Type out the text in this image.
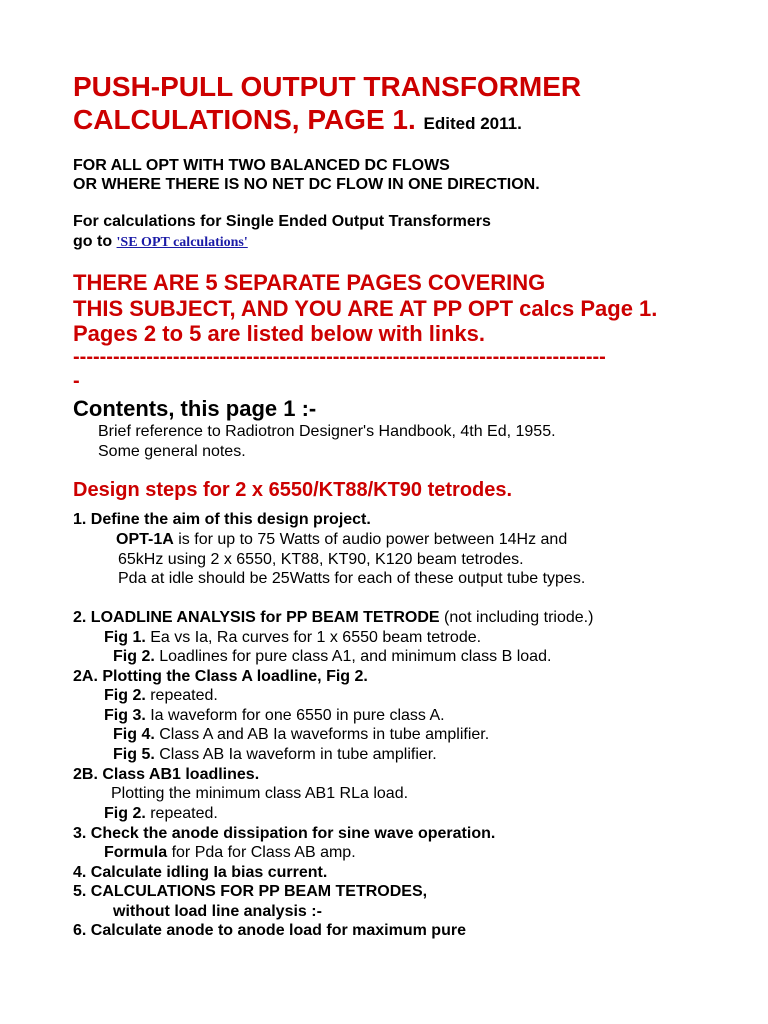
PUSH-PULL OUTPUT TRANSFORMER
CALCULATIONS, PAGE 1. Edited 2011.
FOR ALL OPT WITH TWO BALANCED DC FLOWS
OR WHERE THERE IS NO NET DC FLOW IN ONE DIRECTION.
For calculations for Single Ended Output Transformers
go to 'SE OPT calculations'
THERE ARE 5 SEPARATE PAGES COVERING
THIS SUBJECT, AND YOU ARE AT PP OPT calcs Page 1.
Pages 2 to 5 are listed below with links.
--------------------------------------------------------------------------------
-
Contents, this page 1 :-
Brief reference to Radiotron Designer's Handbook, 4th Ed, 1955.
Some general notes.
Design steps for 2 x 6550/KT88/KT90 tetrodes.
1. Define the aim of this design project.
OPT-1A is for up to 75 Watts of audio power between 14Hz and
65kHz using 2 x 6550, KT88, KT90, K120 beam tetrodes.
Pda at idle should be 25Watts for each of these output tube types.
2. LOADLINE ANALYSIS for PP BEAM TETRODE (not including triode.)
Fig 1. Ea vs Ia, Ra curves for 1 x 6550 beam tetrode.
Fig 2. Loadlines for pure class A1, and minimum class B load.
2A. Plotting the Class A loadline, Fig 2.
Fig 2. repeated.
Fig 3. Ia waveform for one 6550 in pure class A.
Fig 4. Class A and AB Ia waveforms in tube amplifier.
Fig 5. Class AB Ia waveform in tube amplifier.
2B. Class AB1 loadlines.
Plotting the minimum class AB1 RLa load.
Fig 2. repeated.
3. Check the anode dissipation for sine wave operation.
Formula for Pda for Class AB amp.
4. Calculate idling Ia bias current.
5. CALCULATIONS FOR PP BEAM TETRODES,
without load line analysis :-
6. Calculate anode to anode load for maximum pure
